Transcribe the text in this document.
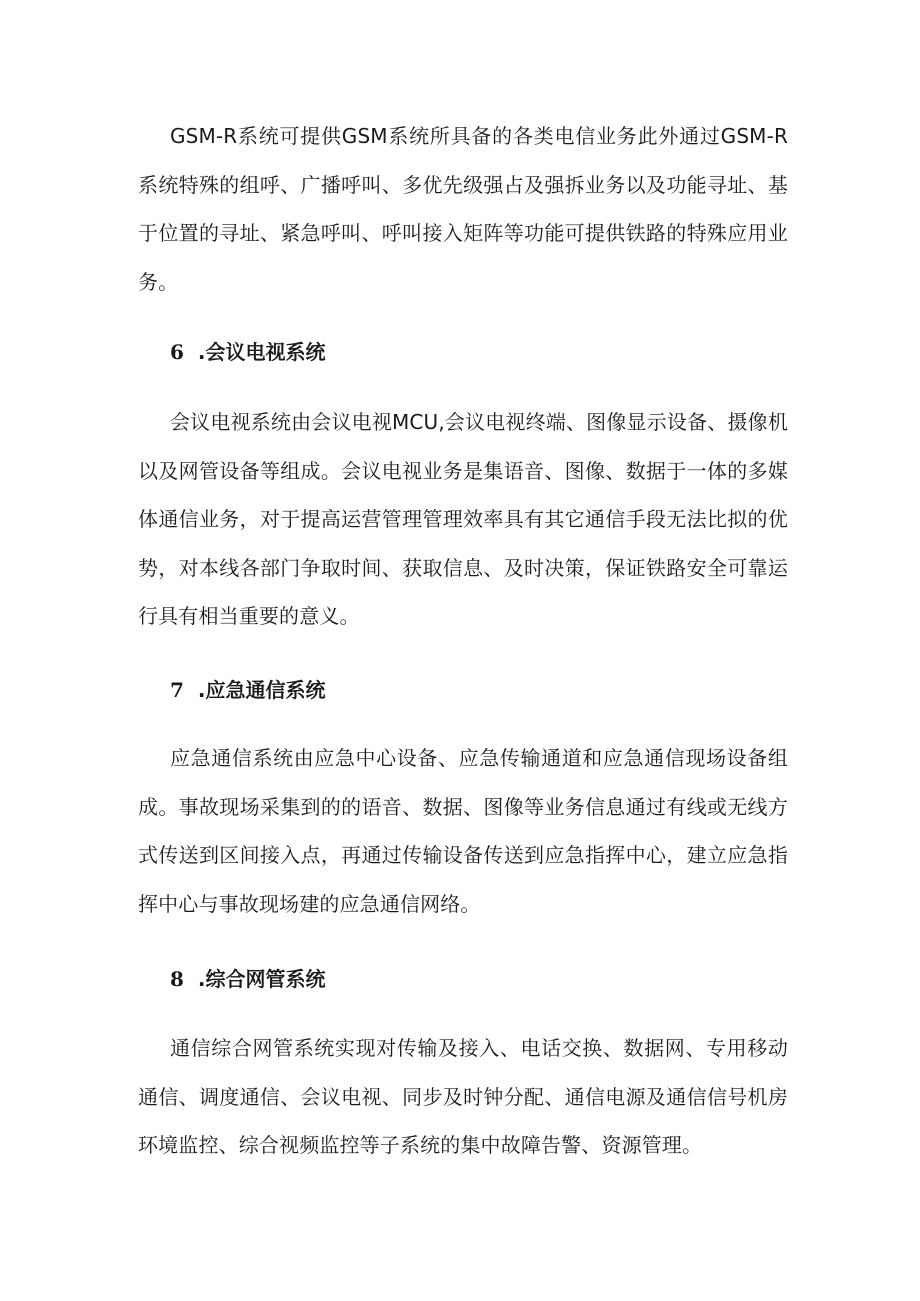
GSM-R系统可提供GSM系统所具备的各类电信业务此外通过GSM-R系统特殊的组呼、广播呼叫、多优先级强占及强拆业务以及功能寻址、基于位置的寻址、紧急呼叫、呼叫接入矩阵等功能可提供铁路的特殊应用业务。

6 .会议电视系统

会议电视系统由会议电视MCU,会议电视终端、图像显示设备、摄像机以及网管设备等组成。会议电视业务是集语音、图像、数据于一体的多媒体通信业务，对于提高运营管理管理效率具有其它通信手段无法比拟的优势，对本线各部门争取时间、获取信息、及时决策，保证铁路安全可靠运行具有相当重要的意义。

7 .应急通信系统

应急通信系统由应急中心设备、应急传输通道和应急通信现场设备组成。事故现场采集到的的语音、数据、图像等业务信息通过有线或无线方式传送到区间接入点，再通过传输设备传送到应急指挥中心，建立应急指挥中心与事故现场建的应急通信网络。

8 .综合网管系统

通信综合网管系统实现对传输及接入、电话交换、数据网、专用移动通信、调度通信、会议电视、同步及时钟分配、通信电源及通信信号机房环境监控、综合视频监控等子系统的集中故障告警、资源管理。
